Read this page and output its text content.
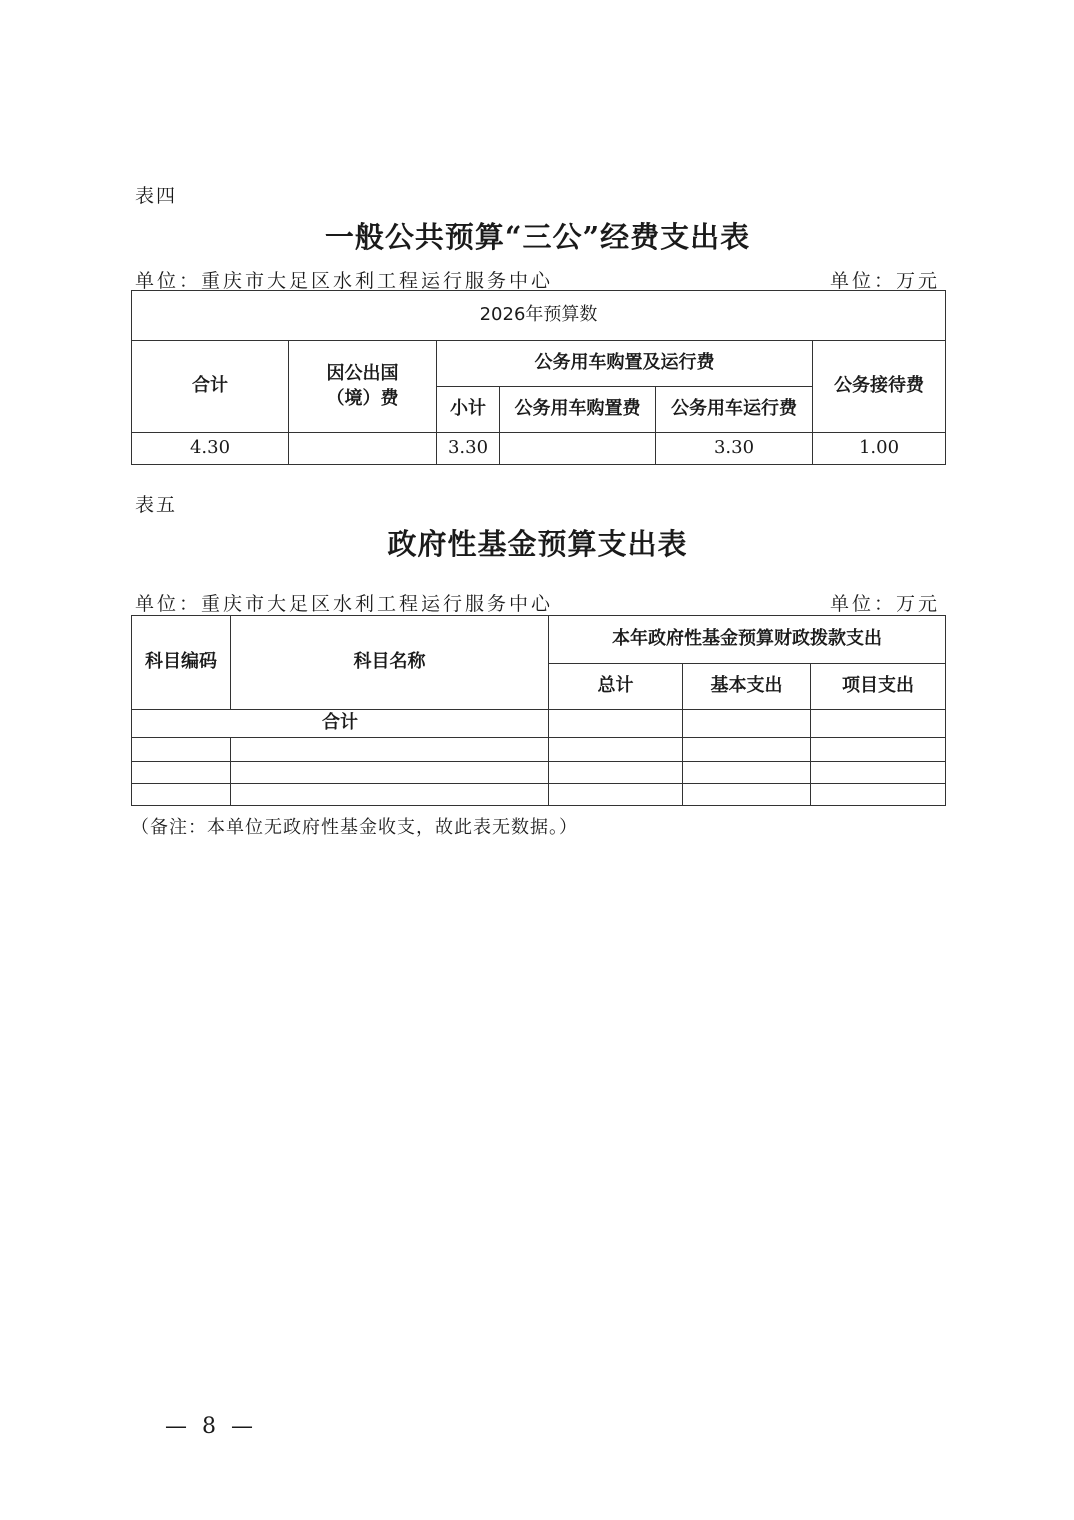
表四
一般公共预算“三公”经费支出表
单位：重庆市大足区水利工程运行服务中心	单位：万元
2026年预算数					
合计	因公出国（境）费	公务用车购置及运行费			公务接待费
		小计	公务用车购置费	公务用车运行费	
4.30		3.30		3.30	1.00
表五
政府性基金预算支出表
单位：重庆市大足区水利工程运行服务中心	单位：万元
科目编码	科目名称	本年政府性基金预算财政拨款支出		
		总计	基本支出	项目支出
合计				

（备注：本单位无政府性基金收支，故此表无数据。）
— 8 —
